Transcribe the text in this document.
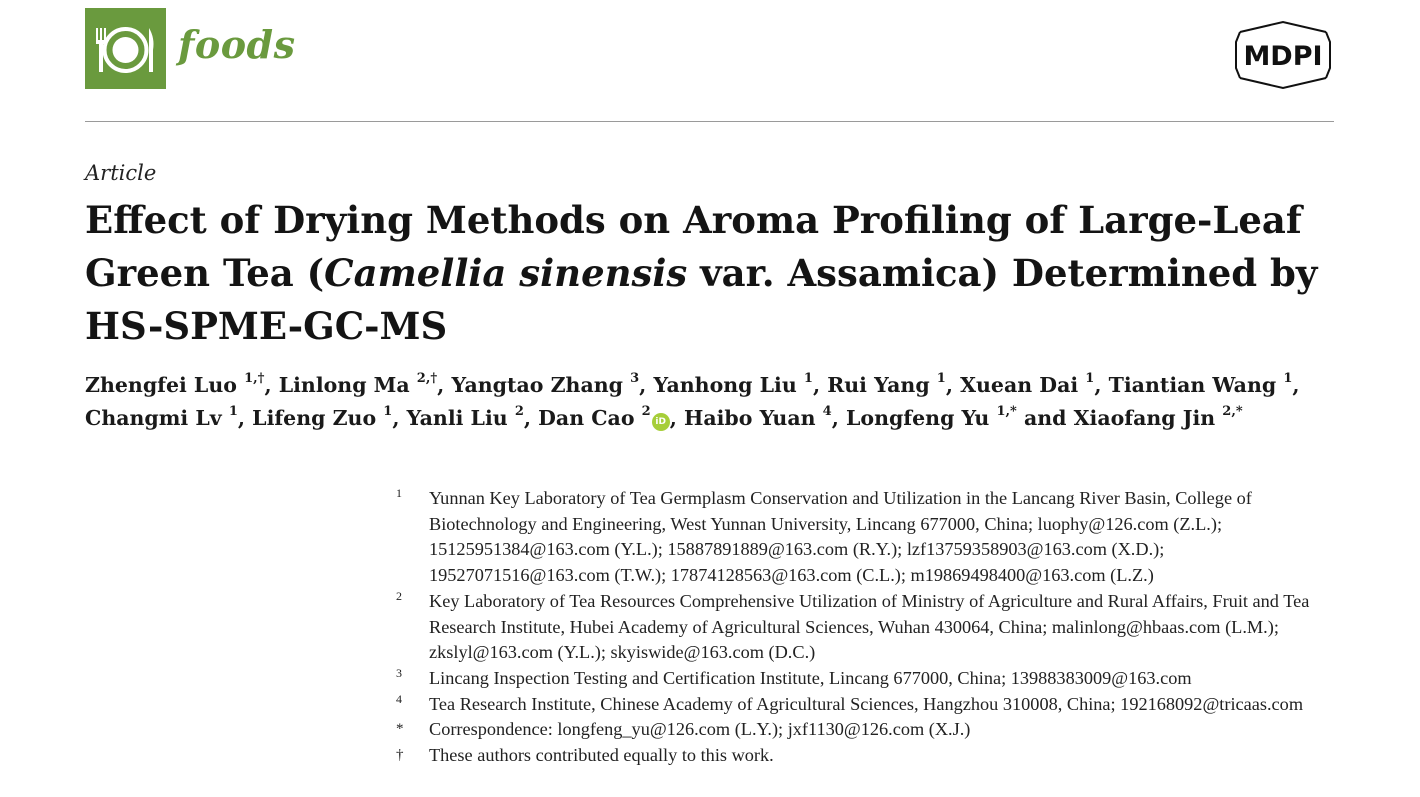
foods	MDPI
Article
Effect of Drying Methods on Aroma Profiling of Large-Leaf Green Tea (Camellia sinensis var. Assamica) Determined by HS-SPME-GC-MS
Zhengfei Luo $^{1,\dagger}$, Linlong Ma $^{2,\dagger}$, Yangtao Zhang $^3$, Yanhong Liu $^1$, Rui Yang $^1$, Xuean Dai $^1$, Tiantian Wang $^1$,
Changmi Lv $^1$, Lifeng Zuo $^1$, Yanli Liu $^2$, Dan Cao $^2$iD , Haibo Yuan $^4$, Longfeng Yu $^{1,*}$ and Xiaofang Jin $^{2,*}$
1 Yunnan Key Laboratory of Tea Germplasm Conservation and Utilization in the Lancang River Basin, College of Biotechnology and Engineering, West Yunnan University, Lincang 677000, China; luophy@126.com (Z.L.); 15125951384@163.com (Y.L.); 15887891889@163.com (R.Y.); lzf13759358903@163.com (X.D.); 19527071516@163.com (T.W.); 17874128563@163.com (C.L.); m19869498400@163.com (L.Z.)
2 Key Laboratory of Tea Resources Comprehensive Utilization of Ministry of Agriculture and Rural Affairs, Fruit and Tea Research Institute, Hubei Academy of Agricultural Sciences, Wuhan 430064, China; malinlong@hbaas.com (L.M.); zkslyl@163.com (Y.L.); skyiswide@163.com (D.C.)
3 Lincang Inspection Testing and Certification Institute, Lincang 677000, China; 13988383009@163.com
4 Tea Research Institute, Chinese Academy of Agricultural Sciences, Hangzhou 310008, China; 192168092@tricaas.com
* Correspondence: longfeng_yu@126.com (L.Y.); jxf1130@126.com (X.J.)
† These authors contributed equally to this work.
